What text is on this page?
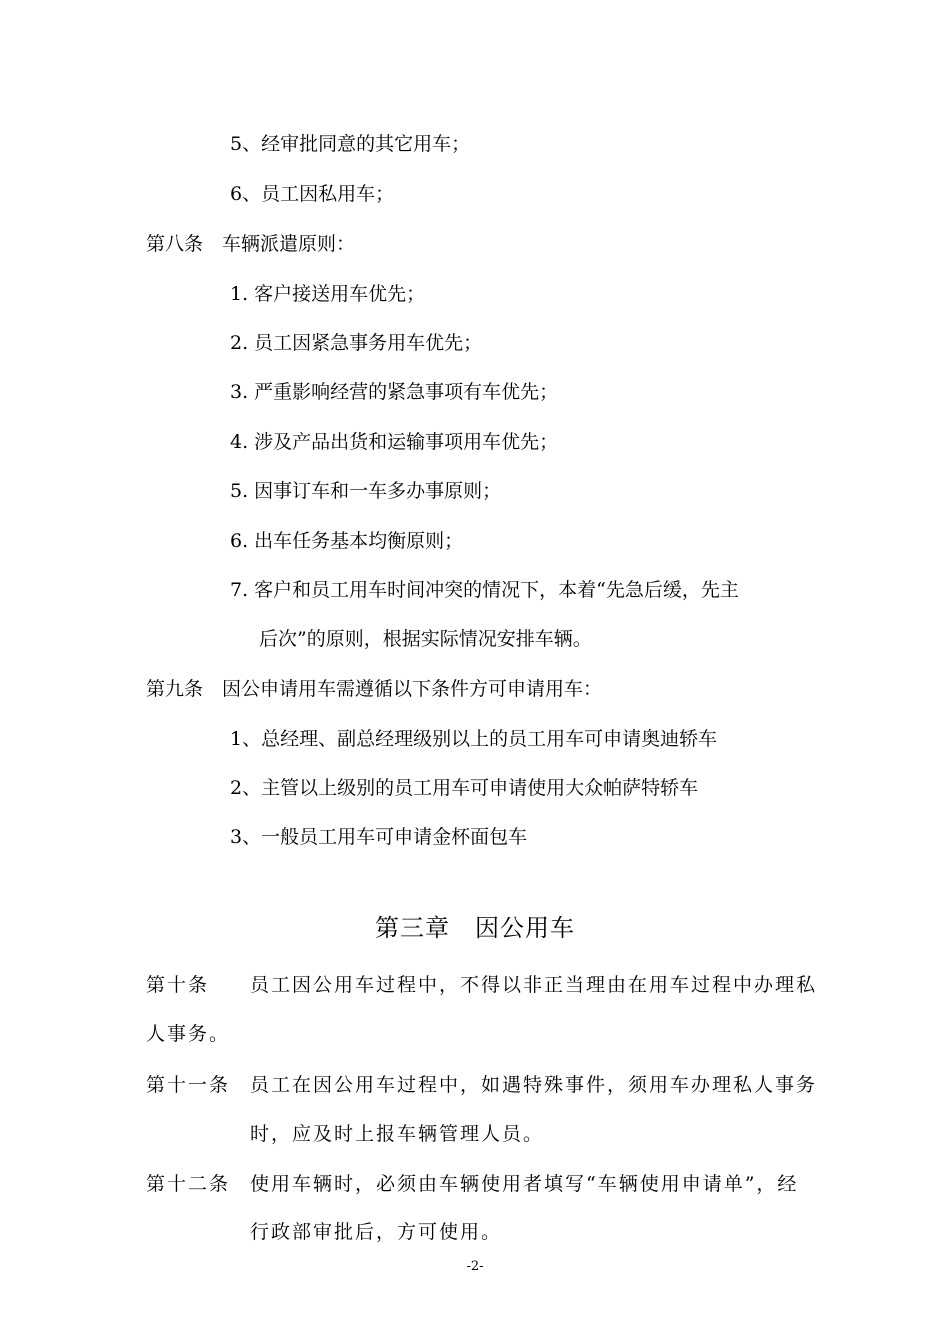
5、经审批同意的其它用车；
6、员工因私用车；
第八条　车辆派遣原则：
1. 客户接送用车优先；
2. 员工因紧急事务用车优先；
3. 严重影响经营的紧急事项有车优先；
4. 涉及产品出货和运输事项用车优先；
5. 因事订车和一车多办事原则；
6. 出车任务基本均衡原则；
7. 客户和员工用车时间冲突的情况下，本着“先急后缓，先主
后次”的原则，根据实际情况安排车辆。
第九条　因公申请用车需遵循以下条件方可申请用车：
1、总经理、副总经理级别以上的员工用车可申请奥迪轿车
2、主管以上级别的员工用车可申请使用大众帕萨特轿车
3、一般员工用车可申请金杯面包车
第三章　因公用车
第十条 员工因公用车过程中，不得以非正当理由在用车过程中办理私
人事务。
第十一条 员工在因公用车过程中，如遇特殊事件，须用车办理私人事务
时，应及时上报车辆管理人员。
第十二条 使用车辆时，必须由车辆使用者填写“车辆使用申请单”，经
行政部审批后，方可使用。
-2-
